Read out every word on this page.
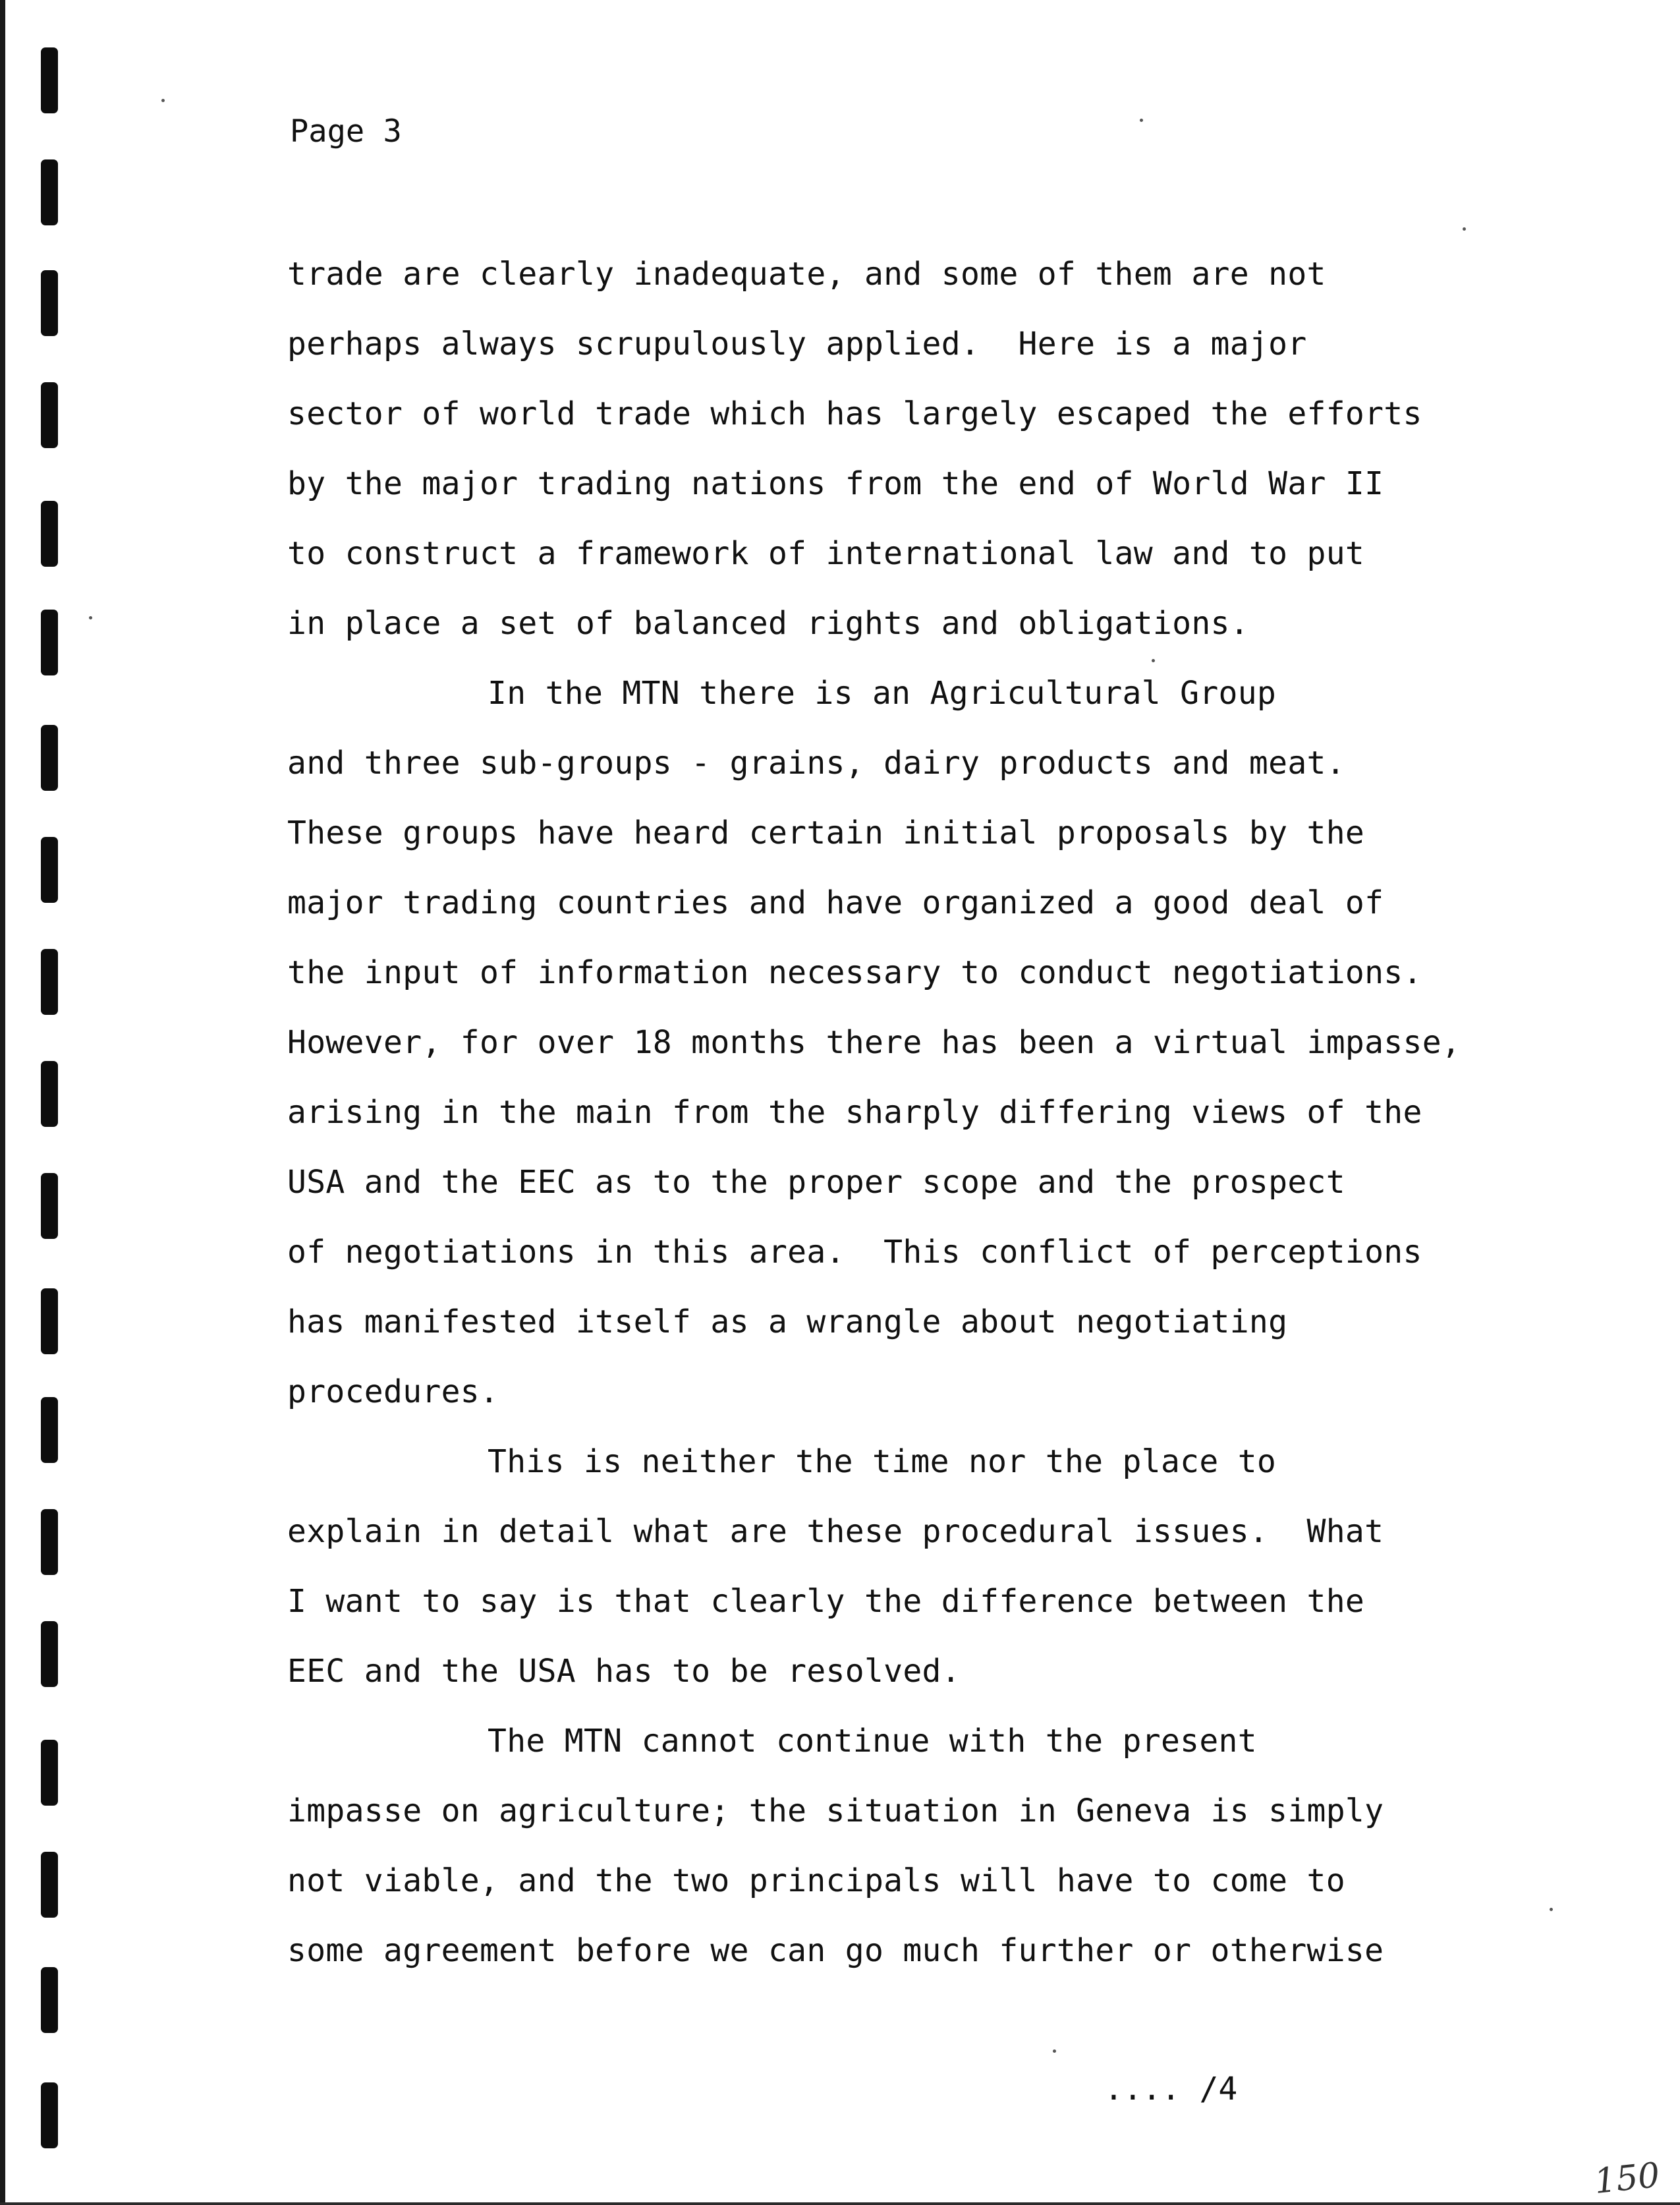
Page 3

trade are clearly inadequate, and some of them are not

perhaps always scrupulously applied.  Here is a major

sector of world trade which has largely escaped the efforts

by the major trading nations from the end of World War II

to construct a framework of international law and to put

in place a set of balanced rights and obligations.

In the MTN there is an Agricultural Group

and three sub-groups - grains, dairy products and meat.

These groups have heard certain initial proposals by the

major trading countries and have organized a good deal of

the input of information necessary to conduct negotiations.

However, for over 18 months there has been a virtual impasse,

arising in the main from the sharply differing views of the

USA and the EEC as to the proper scope and the prospect

of negotiations in this area.  This conflict of perceptions

has manifested itself as a wrangle about negotiating

procedures.

This is neither the time nor the place to

explain in detail what are these procedural issues.  What

I want to say is that clearly the difference between the

EEC and the USA has to be resolved.

The MTN cannot continue with the present

impasse on agriculture; the situation in Geneva is simply

not viable, and the two principals will have to come to

some agreement before we can go much further or otherwise

.... /4

150
